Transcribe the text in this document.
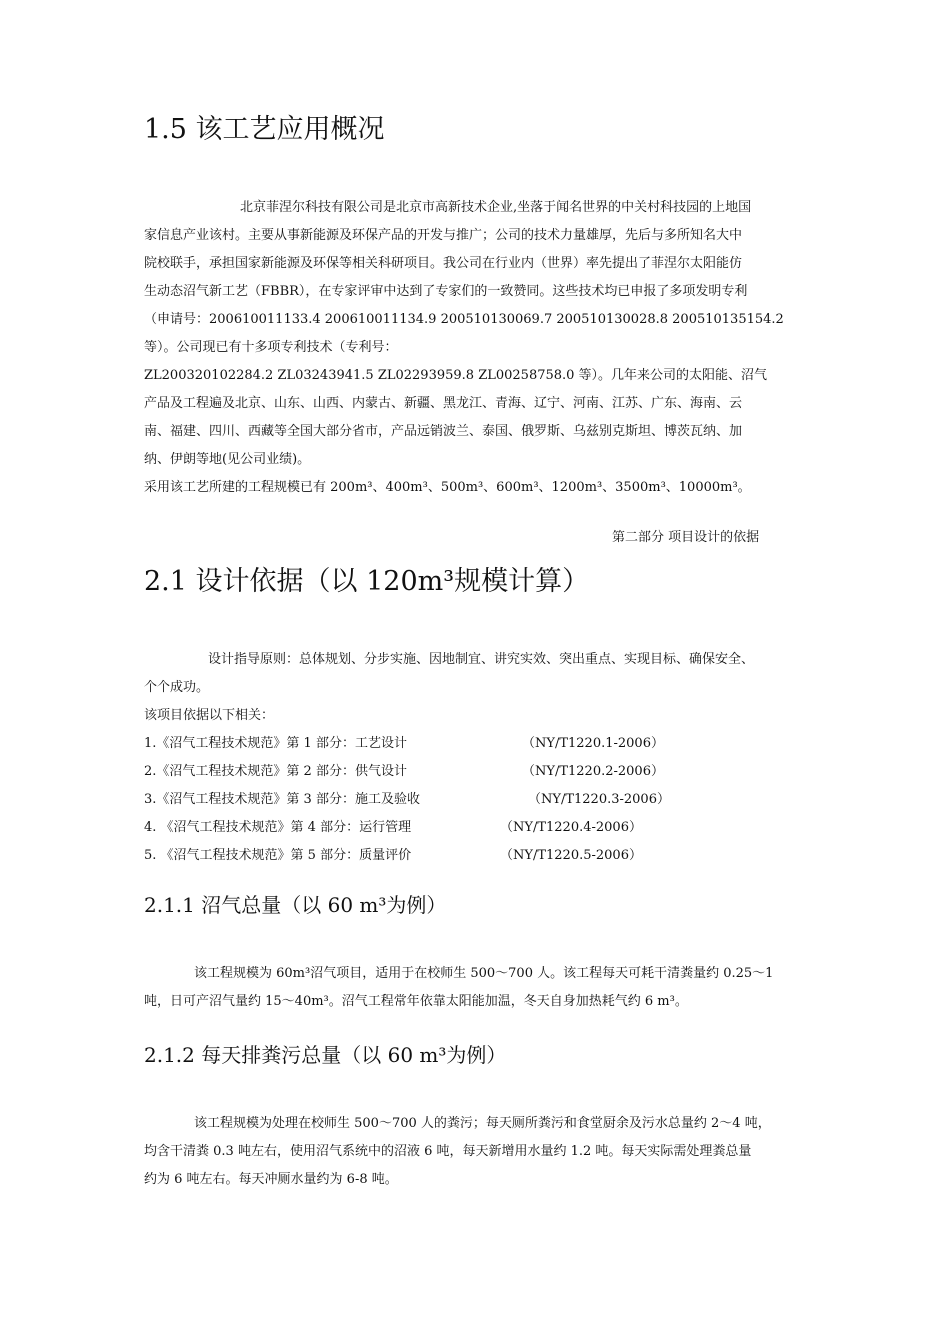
1.5 该工艺应用概况
北京菲涅尔科技有限公司是北京市高新技术企业,坐落于闻名世界的中关村科技园的上地国
家信息产业该村。主要从事新能源及环保产品的开发与推广；公司的技术力量雄厚，先后与多所知名大中
院校联手，承担国家新能源及环保等相关科研项目。我公司在行业内（世界）率先提出了菲涅尔太阳能仿
生动态沼气新工艺（FBBR），在专家评审中达到了专家们的一致赞同。这些技术均已申报了多项发明专利
（申请号：200610011133.4 200610011134.9 200510130069.7 200510130028.8 200510135154.2
等）。公司现已有十多项专利技术（专利号：
ZL200320102284.2 ZL03243941.5 ZL02293959.8 ZL00258758.0 等）。几年来公司的太阳能、沼气
产品及工程遍及北京、山东、山西、内蒙古、新疆、黑龙江、青海、辽宁、河南、江苏、广东、海南、云
南、福建、四川、西藏等全国大部分省市，产品远销波兰、泰国、俄罗斯、乌兹别克斯坦、博茨瓦纳、加
纳、伊朗等地(见公司业绩)。
采用该工艺所建的工程规模已有 200m³、400m³、500m³、600m³、1200m³、3500m³、10000m³。
第二部分 项目设计的依据
2.1 设计依据（以 120m³规模计算）
设计指导原则：总体规划、分步实施、因地制宜、讲究实效、突出重点、实现目标、确保安全、
个个成功。
该项目依据以下相关：
1.《沼气工程技术规范》第 1 部分：工艺设计	（NY/T1220.1-2006）
2.《沼气工程技术规范》第 2 部分：供气设计	（NY/T1220.2-2006）
3.《沼气工程技术规范》第 3 部分：施工及验收	（NY/T1220.3-2006）
4. 《沼气工程技术规范》第 4 部分：运行管理	（NY/T1220.4-2006）
5. 《沼气工程技术规范》第 5 部分：质量评价	（NY/T1220.5-2006）
2.1.1 沼气总量（以 60 m³为例）
该工程规模为 60m³沼气项目，适用于在校师生 500～700 人。该工程每天可耗干清粪量约 0.25～1
吨，日可产沼气量约 15～40m³。沼气工程常年依靠太阳能加温，冬天自身加热耗气约 6 m³。
2.1.2 每天排粪污总量（以 60 m³为例）
该工程规模为处理在校师生 500～700 人的粪污；每天厕所粪污和食堂厨余及污水总量约 2～4 吨，
均含干清粪 0.3 吨左右，使用沼气系统中的沼液 6 吨，每天新增用水量约 1.2 吨。每天实际需处理粪总量
约为 6 吨左右。每天冲厕水量约为 6-8 吨。
